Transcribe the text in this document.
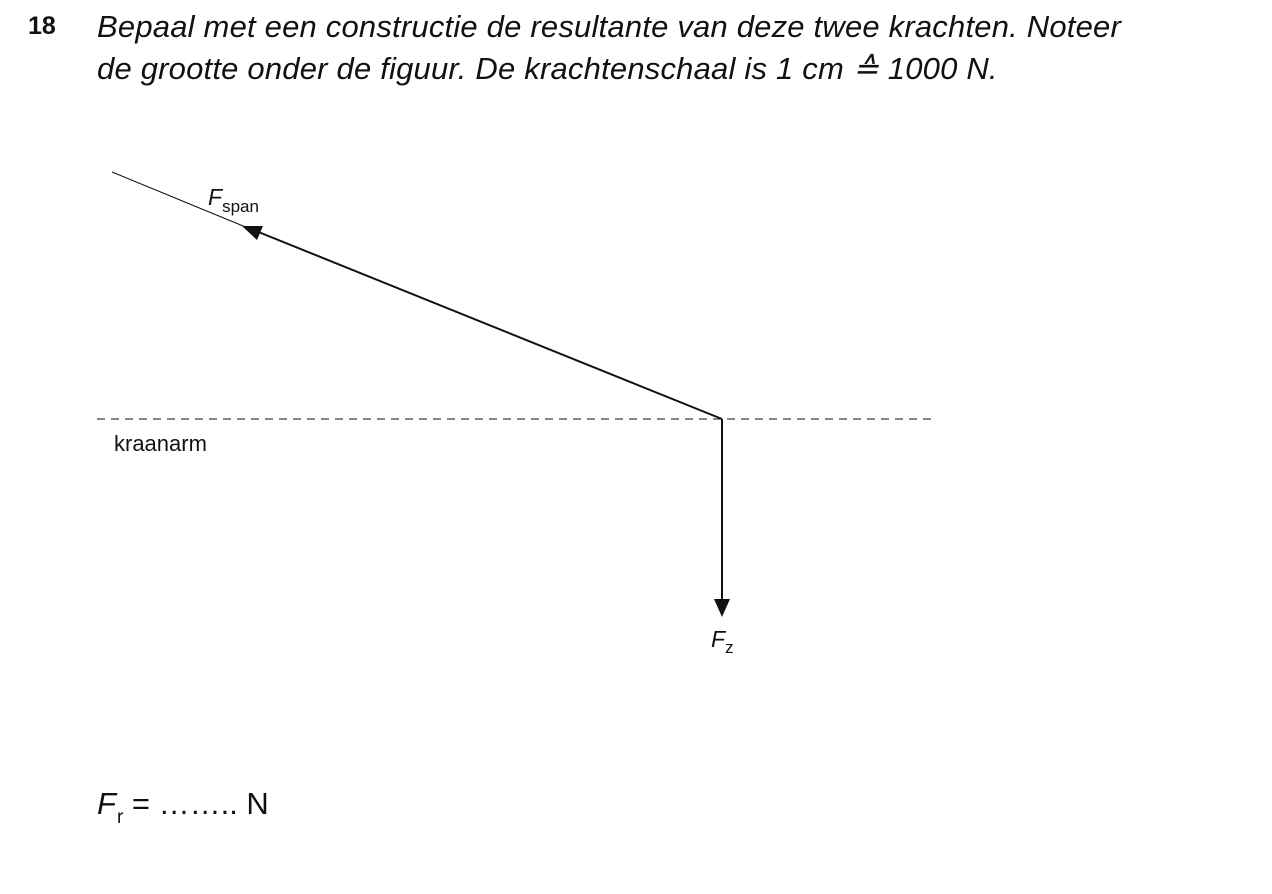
18 Bepaal met een constructie de resultante van deze twee krachten. Noteer
de grootte onder de figuur. De krachtenschaal is 1 cm ≙ 1000 N.
kraanarm
Fspan
Fz
$F_r$ = …….. N
